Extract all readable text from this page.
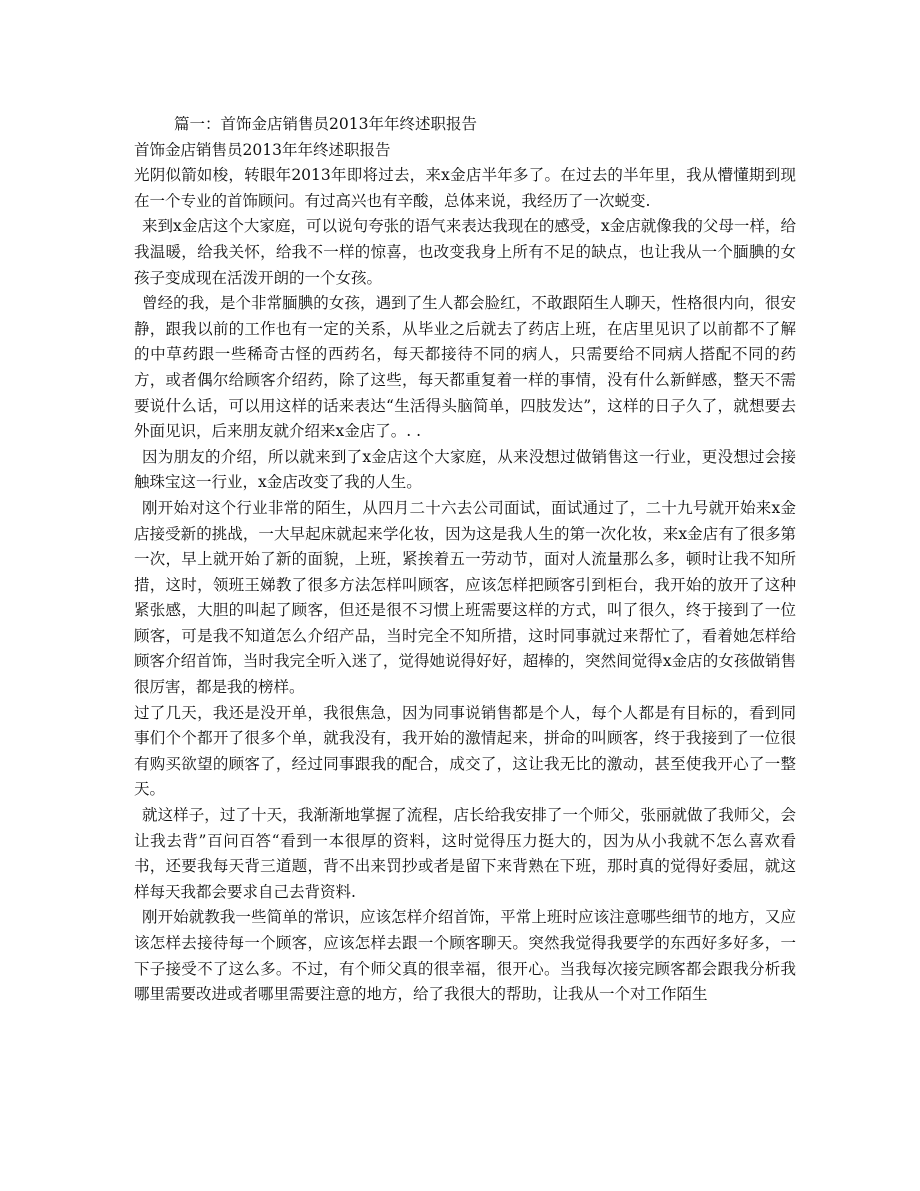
篇一：首饰金店销售员2013年年终述职报告
首饰金店销售员2013年年终述职报告

光阴似箭如梭，转眼年2013年即将过去，来x金店半年多了。在过去的半年里，我从懵懂期到现在一个专业的首饰顾问。有过高兴也有辛酸，总体来说，我经历了一次蜕变.

来到x金店这个大家庭，可以说句夸张的语气来表达我现在的感受，x金店就像我的父母一样，给我温暖，给我关怀，给我不一样的惊喜，也改变我身上所有不足的缺点，也让我从一个腼腆的女孩子变成现在活泼开朗的一个女孩。

曾经的我，是个非常腼腆的女孩，遇到了生人都会脸红，不敢跟陌生人聊天，性格很内向，很安静，跟我以前的工作也有一定的关系，从毕业之后就去了药店上班，在店里见识了以前都不了解的中草药跟一些稀奇古怪的西药名，每天都接待不同的病人，只需要给不同病人搭配不同的药方，或者偶尔给顾客介绍药，除了这些，每天都重复着一样的事情，没有什么新鲜感，整天不需要说什么话，可以用这样的话来表达“生活得头脑简单，四肢发达”，这样的日子久了，就想要去外面见识，后来朋友就介绍来x金店了。. .

因为朋友的介绍，所以就来到了x金店这个大家庭，从来没想过做销售这一行业，更没想过会接触珠宝这一行业，x金店改变了我的人生。

刚开始对这个行业非常的陌生，从四月二十六去公司面试，面试通过了，二十九号就开始来x金店接受新的挑战，一大早起床就起来学化妆，因为这是我人生的第一次化妆，来x金店有了很多第一次，早上就开始了新的面貌，上班，紧挨着五一劳动节，面对人流量那么多，顿时让我不知所措，这时，领班王娣教了很多方法怎样叫顾客，应该怎样把顾客引到柜台，我开始的放开了这种紧张感，大胆的叫起了顾客，但还是很不习惯上班需要这样的方式，叫了很久，终于接到了一位顾客，可是我不知道怎么介绍产品，当时完全不知所措，这时同事就过来帮忙了，看着她怎样给顾客介绍首饰，当时我完全听入迷了，觉得她说得好好，超棒的，突然间觉得x金店的女孩做销售很厉害，都是我的榜样。

过了几天，我还是没开单，我很焦急，因为同事说销售都是个人，每个人都是有目标的，看到同事们个个都开了很多个单，就我没有，我开始的激情起来，拼命的叫顾客，终于我接到了一位很有购买欲望的顾客了，经过同事跟我的配合，成交了，这让我无比的激动，甚至使我开心了一整天。

就这样子，过了十天，我渐渐地掌握了流程，店长给我安排了一个师父，张丽就做了我师父，会让我去背”百问百答“看到一本很厚的资料，这时觉得压力挺大的，因为从小我就不怎么喜欢看书，还要我每天背三道题，背不出来罚抄或者是留下来背熟在下班，那时真的觉得好委屈，就这样每天我都会要求自己去背资料.

刚开始就教我一些简单的常识，应该怎样介绍首饰，平常上班时应该注意哪些细节的地方，又应该怎样去接待每一个顾客，应该怎样去跟一个顾客聊天。突然我觉得我要学的东西好多好多，一下子接受不了这么多。不过，有个师父真的很幸福，很开心。当我每次接完顾客都会跟我分析我哪里需要改进或者哪里需要注意的地方，给了我很大的帮助，让我从一个对工作陌生
